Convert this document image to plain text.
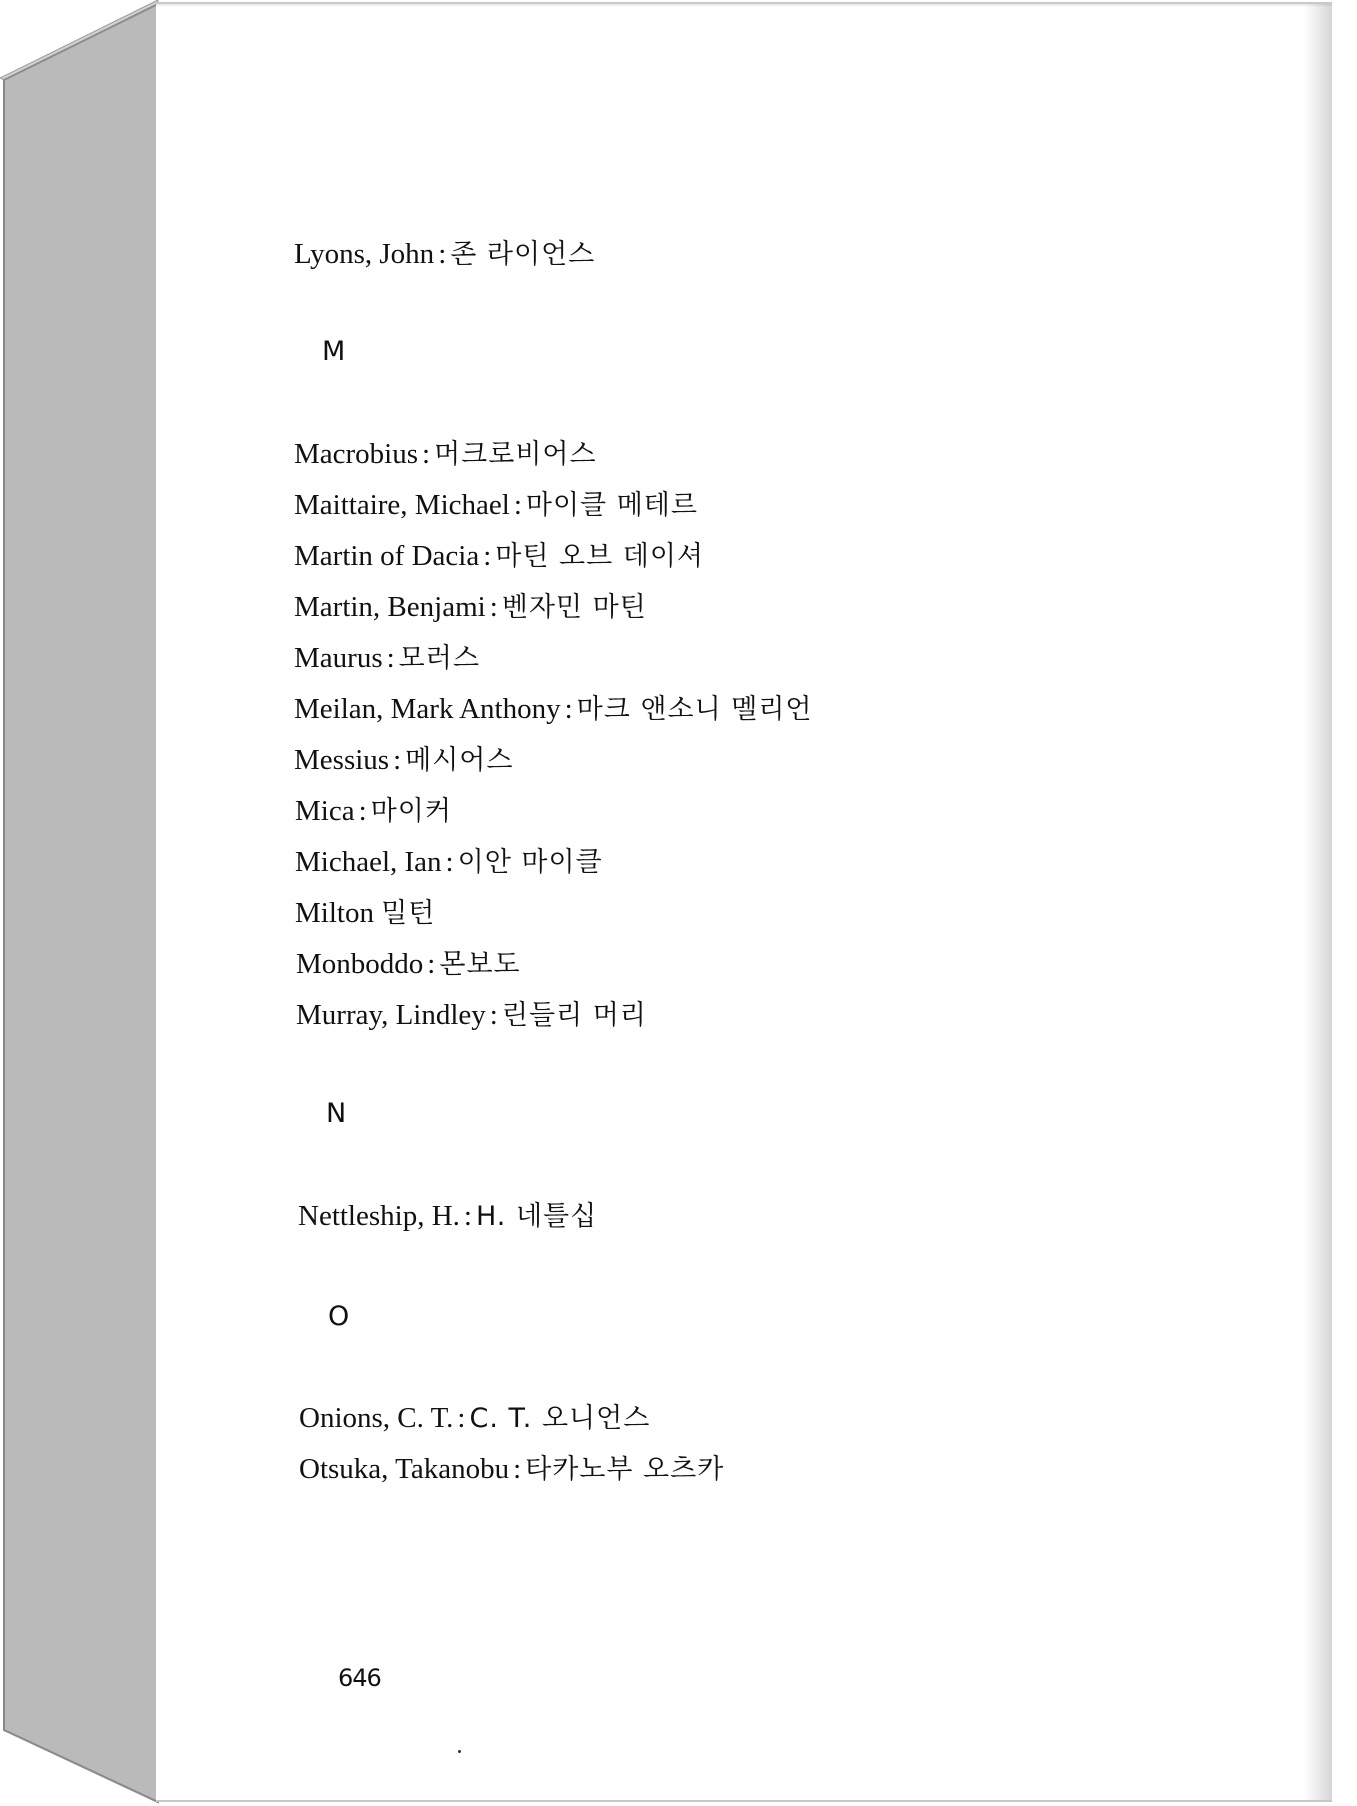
Lyons, John : 존 라이언스
M
Macrobius : 머크로비어스
Maittaire, Michael : 마이클 메테르
Martin of Dacia : 마틴 오브 데이셔
Martin, Benjami : 벤자민 마틴
Maurus : 모러스
Meilan, Mark Anthony : 마크 앤소니 멜리언
Messius : 메시어스
Mica : 마이커
Michael, Ian : 이안 마이클
Milton 밀턴
Monboddo : 몬보도
Murray, Lindley : 린들리 머리
N
Nettleship, H. : H. 네틀십
O
Onions, C. T. : C. T. 오니언스
Otsuka, Takanobu : 타카노부 오츠카
646
